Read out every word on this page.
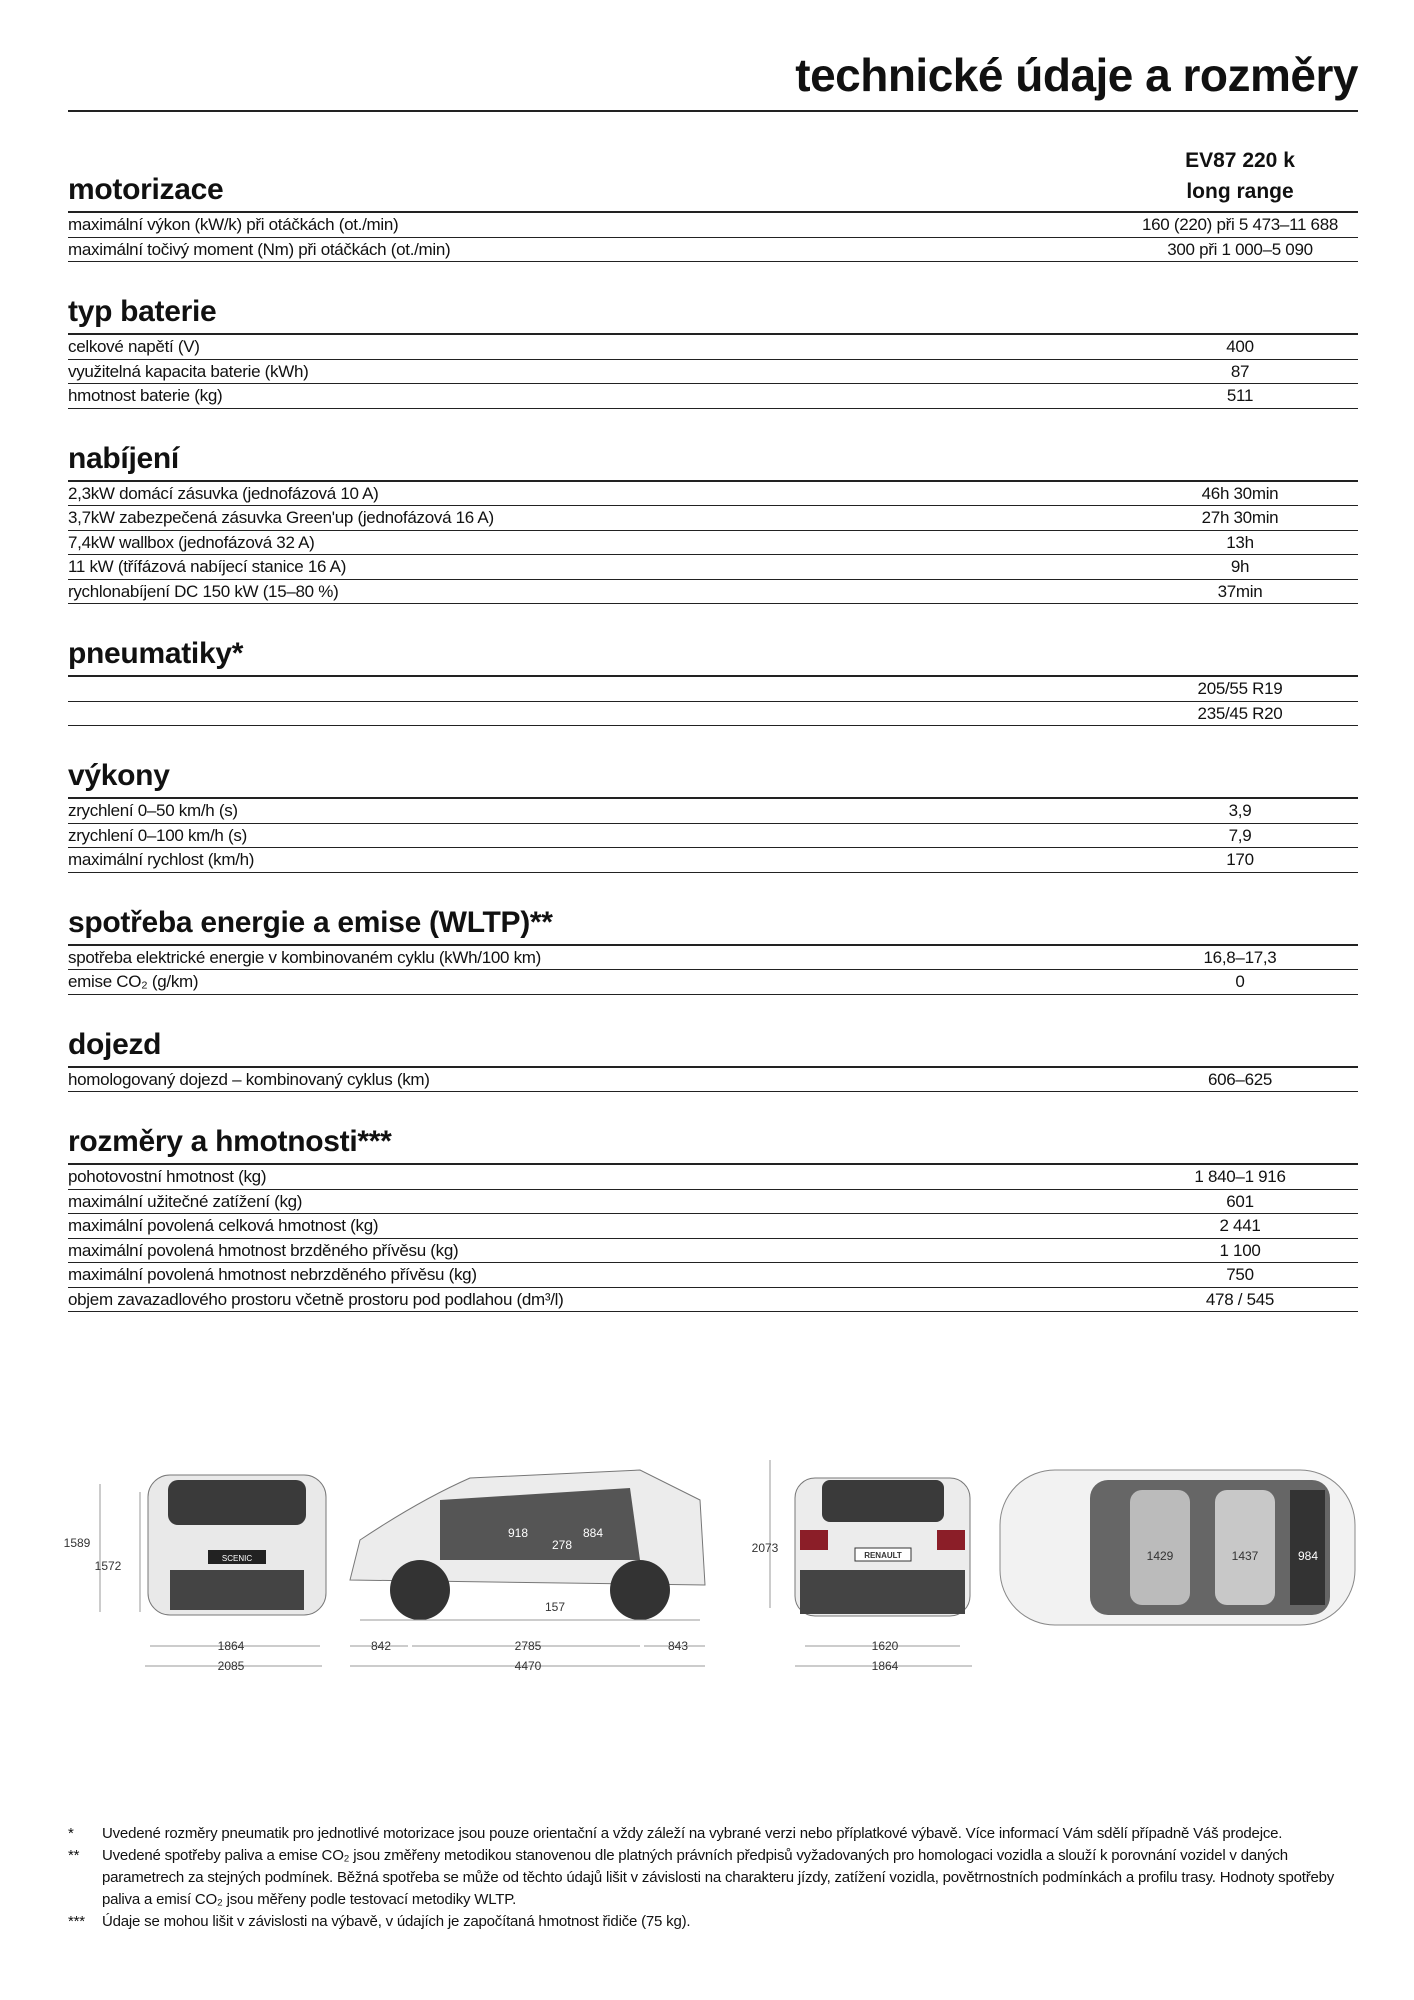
technické údaje a rozměry
motorizace
EV87 220 k
long range
maximální výkon (kW/k) při otáčkách (ot./min)	160 (220) při 5 473–11 688
maximální točivý moment (Nm) při otáčkách (ot./min)	300 při 1 000–5 090
typ baterie
celkové napětí (V)	400
využitelná kapacita baterie (kWh)	87
hmotnost baterie (kg)	511
nabíjení
2,3kW domácí zásuvka (jednofázová 10 A)	46h 30min
3,7kW zabezpečená zásuvka Green'up (jednofázová 16 A)	27h 30min
7,4kW wallbox (jednofázová 32 A)	13h
11 kW (třífázová nabíjecí stanice 16 A)	9h
rychlonabíjení DC 150 kW (15–80 %)	37min
pneumatiky*
205/55 R19
235/45 R20
výkony
zrychlení 0–50 km/h (s)	3,9
zrychlení 0–100 km/h (s)	7,9
maximální rychlost (km/h)	170
spotřeba energie a emise (WLTP)**
spotřeba elektrické energie v kombinovaném cyklu (kWh/100 km)	16,8–17,3
emise CO₂ (g/km)	0
dojezd
homologovaný dojezd – kombinovaný cyklus (km)	606–625
rozměry a hmotnosti***
pohotovostní hmotnost (kg)	1 840–1 916
maximální užitečné zatížení (kg)	601
maximální povolená celková hmotnost (kg)	2 441
maximální povolená hmotnost brzděného přívěsu (kg)	1 100
maximální povolená hmotnost nebrzděného přívěsu (kg)	750
objem zavazadlového prostoru včetně prostoru pod podlahou (dm³/l)	478 / 545
SCENIC	RENAULT
1589
1572
1864
2085
842	2785	843
4470
157
2073
918
278
884
1620
1864
1429	1437	984
*	Uvedené rozměry pneumatik pro jednotlivé motorizace jsou pouze orientační a vždy záleží na vybrané verzi nebo příplatkové výbavě. Více informací Vám sdělí případně Váš prodejce.
**	Uvedené spotřeby paliva a emise CO₂ jsou změřeny metodikou stanovenou dle platných právních předpisů vyžadovaných pro homologaci vozidla a slouží k porovnání vozidel v daných parametrech za stejných podmínek. Běžná spotřeba se může od těchto údajů lišit v závislosti na charakteru jízdy, zatížení vozidla, povětrnostních podmínkách a profilu trasy. Hodnoty spotřeby paliva a emisí CO₂ jsou měřeny podle testovací metodiky WLTP.
***	Údaje se mohou lišit v závislosti na výbavě, v údajích je započítaná hmotnost řidiče (75 kg).
